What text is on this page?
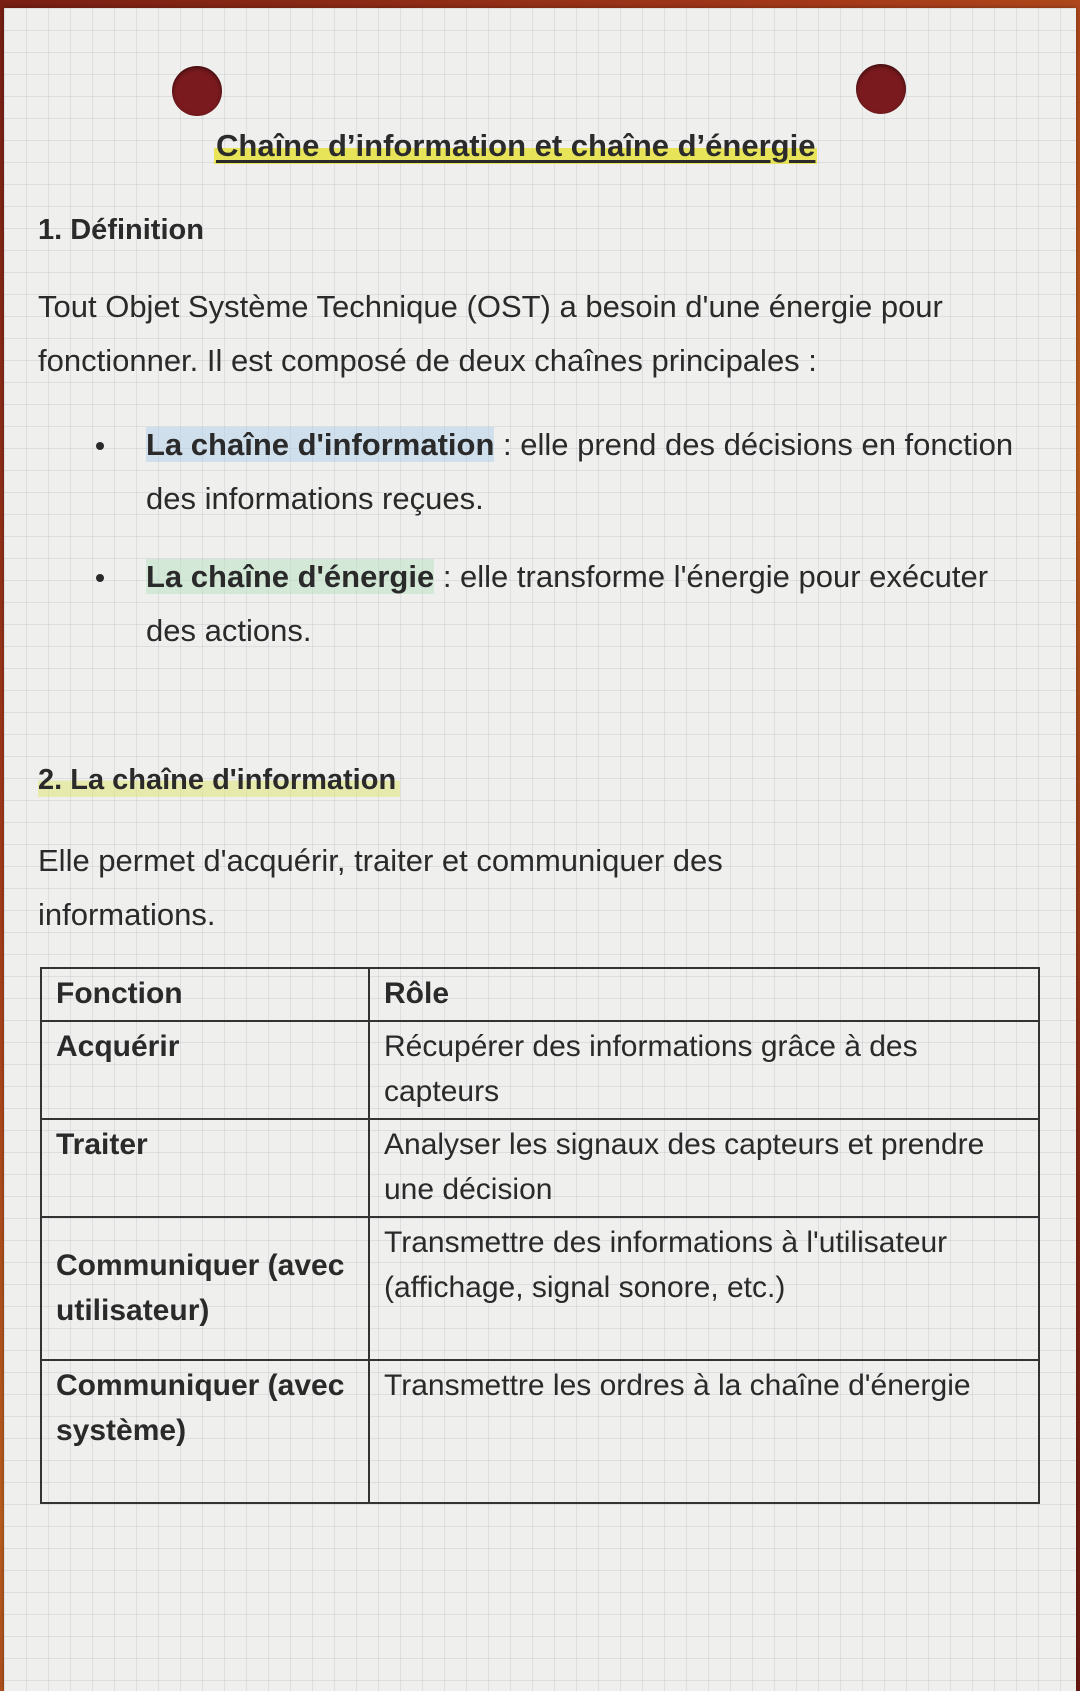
Chaîne d’information et chaîne d’énergie
1. Définition
Tout Objet Système Technique (OST) a besoin d'une énergie pour fonctionner. Il est composé de deux chaînes principales :
La chaîne d'information : elle prend des décisions en fonction des informations reçues.
La chaîne d'énergie : elle transforme l'énergie pour exécuter des actions.
2. La chaîne d'information
Elle permet d'acquérir, traiter et communiquer des informations.
Fonction	Rôle
Acquérir	Récupérer des informations grâce à des capteurs
Traiter	Analyser les signaux des capteurs et prendre une décision
Communiquer (avec utilisateur)	Transmettre des informations à l'utilisateur (affichage, signal sonore, etc.)
Communiquer (avec système)	Transmettre les ordres à la chaîne d'énergie
